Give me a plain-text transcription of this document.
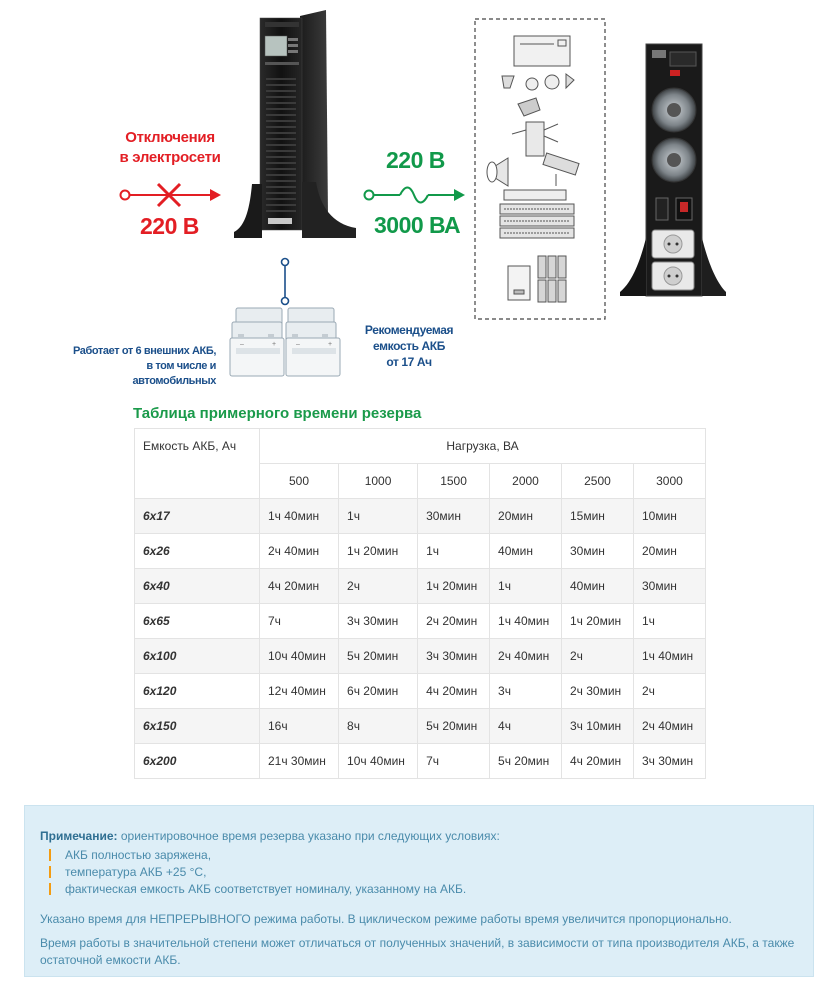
Отключения
в электросети
220 В
–	+	–	+
Работает от 6 внешних АКБ,
в том числе и автомобильных
Рекомендуемая
емкость АКБ
от 17 Ач
220 В
3000 ВА
Таблица примерного времени резерва
Емкость АКБ, Ач	Нагрузка, ВА					
	500	1000	1500	2000	2500	3000
6x17	1ч 40мин	1ч	30мин	20мин	15мин	10мин
6x26	2ч 40мин	1ч 20мин	1ч	40мин	30мин	20мин
6x40	4ч 20мин	2ч	1ч 20мин	1ч	40мин	30мин
6x65	7ч	3ч 30мин	2ч 20мин	1ч 40мин	1ч 20мин	1ч
6x100	10ч 40мин	5ч 20мин	3ч 30мин	2ч 40мин	2ч	1ч 40мин
6x120	12ч 40мин	6ч 20мин	4ч 20мин	3ч	2ч 30мин	2ч
6x150	16ч	8ч	5ч 20мин	4ч	3ч 10мин	2ч 40мин
6x200	21ч 30мин	10ч 40мин	7ч	5ч 20мин	4ч 20мин	3ч 30мин

Примечание: ориентировочное время резерва указано при следующих условиях:

АКБ полностью заряжена,
температура АКБ +25 °С,
фактическая емкость АКБ соответствует номиналу, указанному на АКБ.

Указано время для НЕПРЕРЫВНОГО режима работы. В циклическом режиме работы время увеличится пропорционально.

Время работы в значительной степени может отличаться от полученных значений, в зависимости от типа производителя АКБ, а также остаточной емкости АКБ.
